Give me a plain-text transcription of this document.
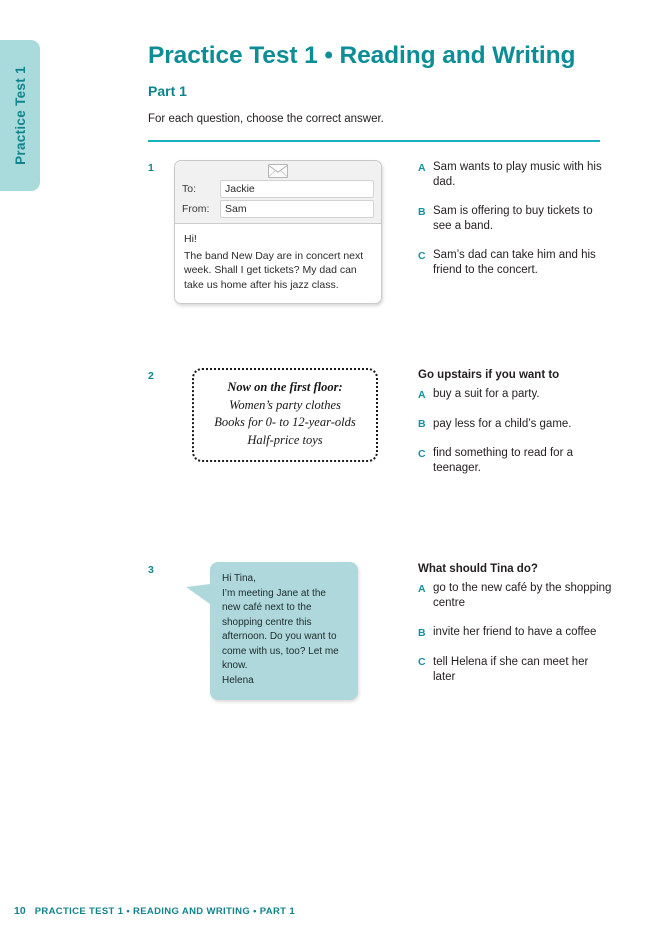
Practice Test 1
Practice Test 1 • Reading and Writing
Part 1

For each question, choose the correct answer.

1
To:	Jackie
From:	Sam

Hi!

The band New Day are in concert next week. Shall I get tickets? My dad can take us home after his jazz class.

A Sam wants to play music with his dad.
B Sam is offering to buy tickets to see a band.
C Sam’s dad can take him and his friend to the concert.
2
Now on the first floor:
Women’s party clothes
Books for 0- to 12-year-olds
Half-price toys

Go upstairs if you want to

A buy a suit for a party.
B pay less for a child’s game.
C find something to read for a teenager.
3

Hi Tina,

I’m meeting Jane at the new café next to the shopping centre this afternoon. Do you want to come with us, too? Let me know.

Helena

What should Tina do?

A go to the new café by the shopping centre
B invite her friend to have a coffee
C tell Helena if she can meet her later
10 PRACTICE TEST 1 • READING AND WRITING • PART 1
